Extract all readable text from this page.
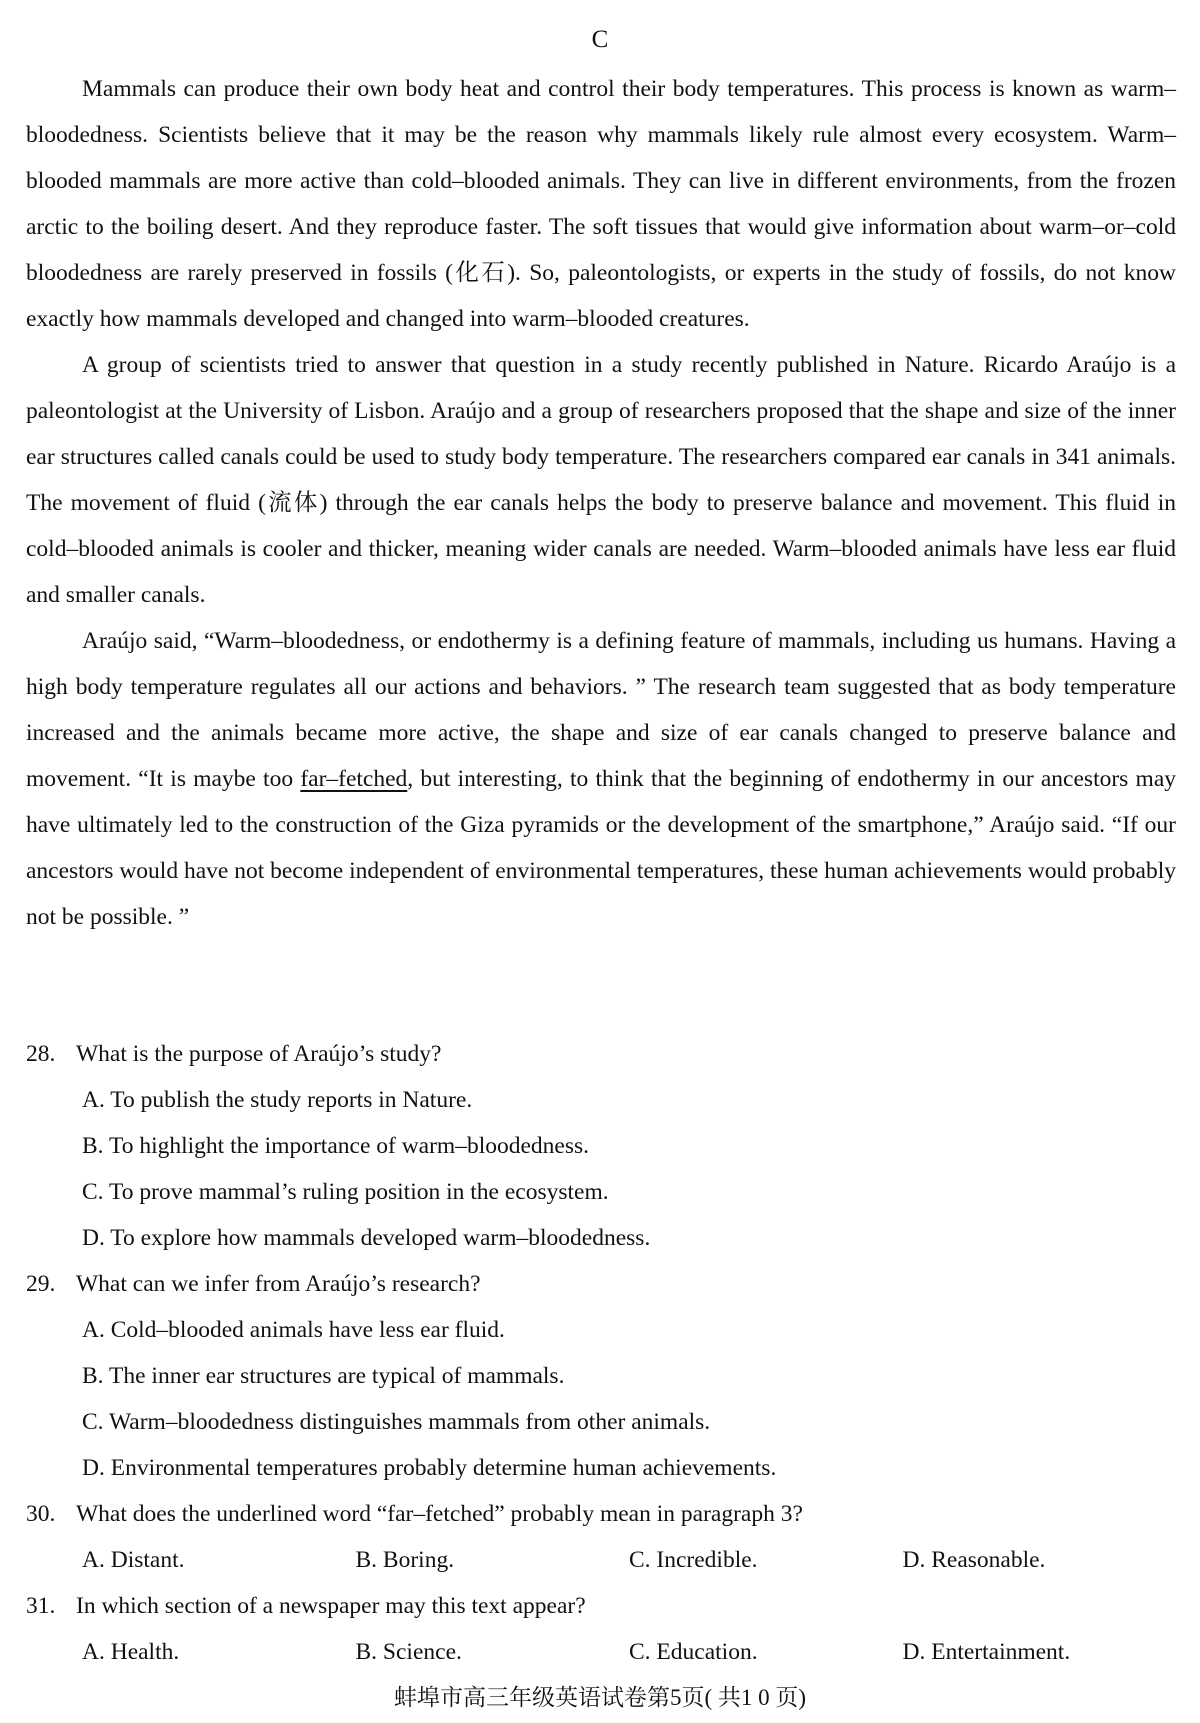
C

Mammals can produce their own body heat and control their body temperatures. This process is known as warm–bloodedness. Scientists believe that it may be the reason why mammals likely rule almost every ecosystem. Warm–blooded mammals are more active than cold–blooded animals. They can live in different environments, from the frozen arctic to the boiling desert. And they reproduce faster. The soft tissues that would give information about warm–or–cold bloodedness are rarely preserved in fossils (化石). So, paleontologists, or experts in the study of fossils, do not know exactly how mammals developed and changed into warm–blooded creatures.

A group of scientists tried to answer that question in a study recently published in Nature. Ricardo Araújo is a paleontologist at the University of Lisbon. Araújo and a group of researchers proposed that the shape and size of the inner ear structures called canals could be used to study body temperature. The researchers compared ear canals in 341 animals. The movement of fluid (流体) through the ear canals helps the body to preserve balance and movement. This fluid in cold–blooded animals is cooler and thicker, meaning wider canals are needed. Warm–blooded animals have less ear fluid and smaller canals.

Araújo said, “Warm–bloodedness, or endothermy is a defining feature of mammals, including us humans. Having a high body temperature regulates all our actions and behaviors. ” The research team suggested that as body temperature increased and the animals became more active, the shape and size of ear canals changed to preserve balance and movement. “It is maybe too far–fetched, but interesting, to think that the beginning of endothermy in our ancestors may have ultimately led to the construction of the Giza pyramids or the development of the smartphone,” Araújo said. “If our ancestors would have not become independent of environmental temperatures, these human achievements would probably not be possible. ”

28. What is the purpose of Araújo’s study?
A. To publish the study reports in Nature.
B. To highlight the importance of warm–bloodedness.
C. To prove mammal’s ruling position in the ecosystem.
D. To explore how mammals developed warm–bloodedness.
29. What can we infer from Araújo’s research?
A. Cold–blooded animals have less ear fluid.
B. The inner ear structures are typical of mammals.
C. Warm–bloodedness distinguishes mammals from other animals.
D. Environmental temperatures probably determine human achievements.
30. What does the underlined word “far–fetched” probably mean in paragraph 3?
A. Distant.	B. Boring.	C. Incredible.	D. Reasonable.
31. In which section of a newspaper may this text appear?
A. Health.	B. Science.	C. Education.	D. Entertainment.
蚌埠市高三年级英语试卷第5页( 共1 0 页)
